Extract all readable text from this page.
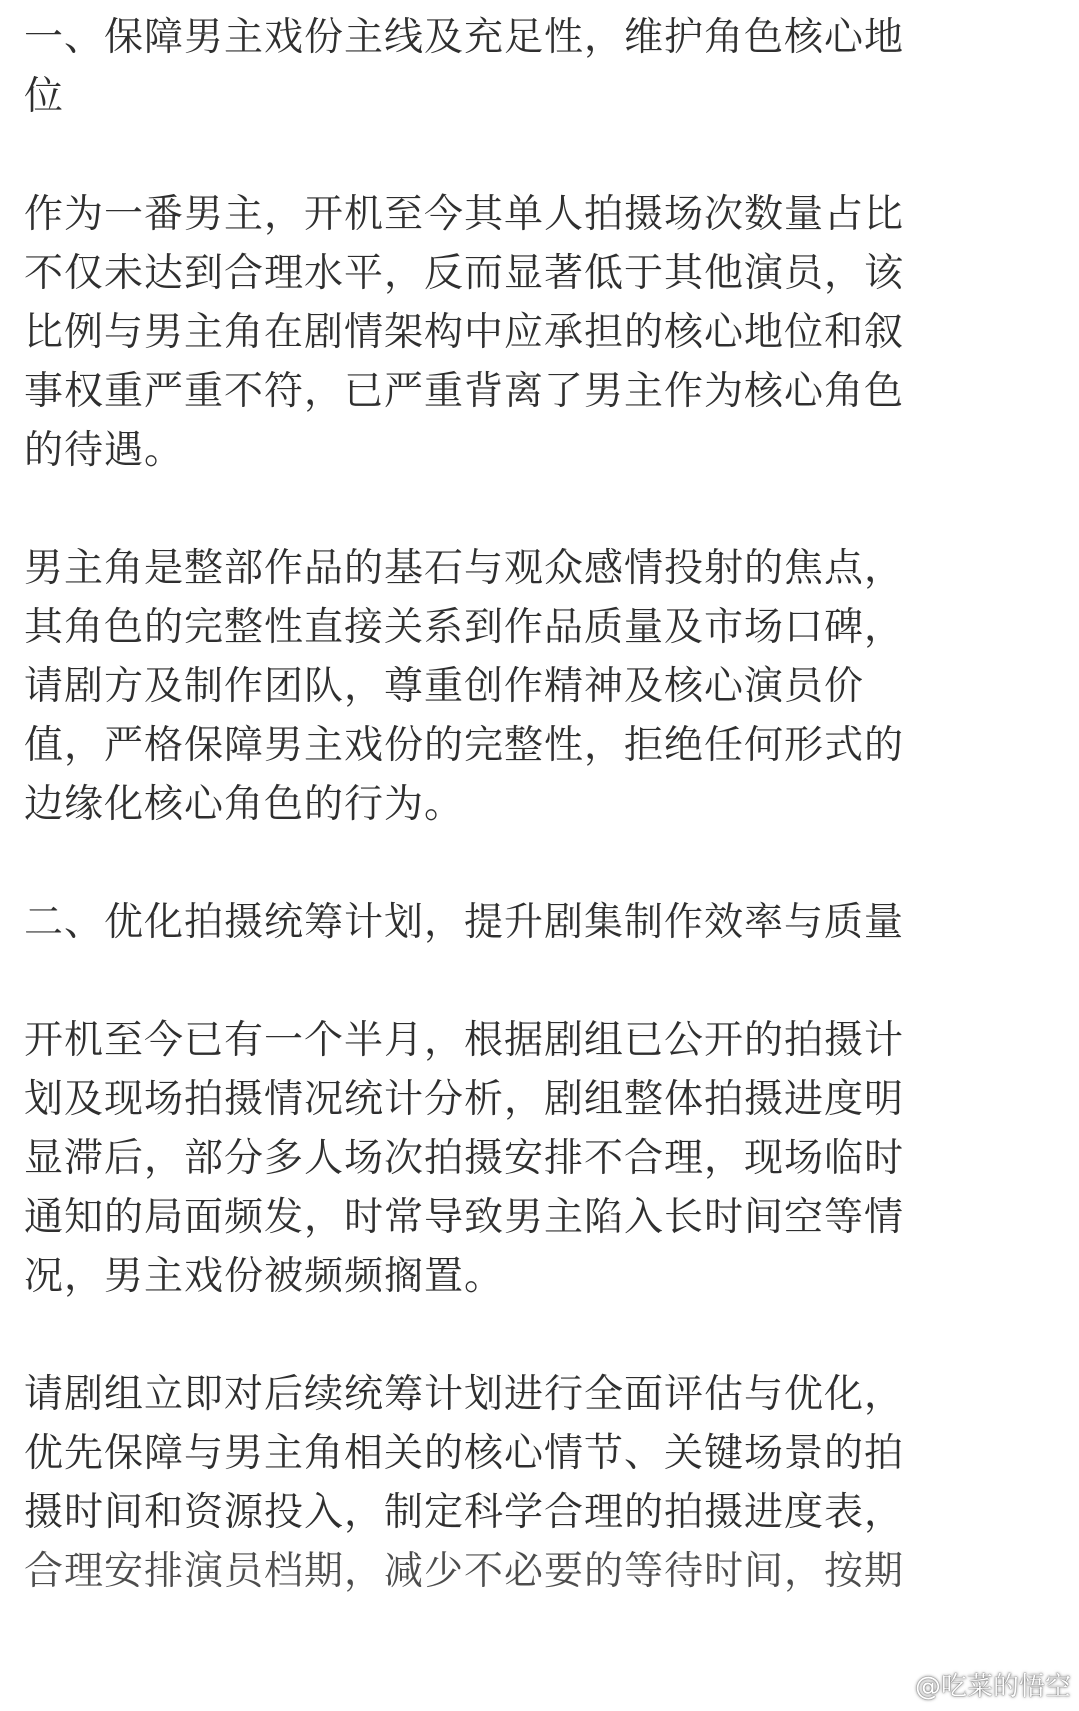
一、保障男主戏份主线及充足性，维护角色核心地
位
作为一番男主，开机至今其单人拍摄场次数量占比
不仅未达到合理水平，反而显著低于其他演员，该
比例与男主角在剧情架构中应承担的核心地位和叙
事权重严重不符，已严重背离了男主作为核心角色
的待遇。
男主角是整部作品的基石与观众感情投射的焦点，
其角色的完整性直接关系到作品质量及市场口碑，
请剧方及制作团队，尊重创作精神及核心演员价
值，严格保障男主戏份的完整性，拒绝任何形式的
边缘化核心角色的行为。
二、优化拍摄统筹计划，提升剧集制作效率与质量
开机至今已有一个半月，根据剧组已公开的拍摄计
划及现场拍摄情况统计分析，剧组整体拍摄进度明
显滞后，部分多人场次拍摄安排不合理，现场临时
通知的局面频发，时常导致男主陷入长时间空等情
况，男主戏份被频频搁置。
请剧组立即对后续统筹计划进行全面评估与优化，
优先保障与男主角相关的核心情节、关键场景的拍
摄时间和资源投入，制定科学合理的拍摄进度表，
合理安排演员档期，减少不必要的等待时间，按期
@吃菜的悟空
